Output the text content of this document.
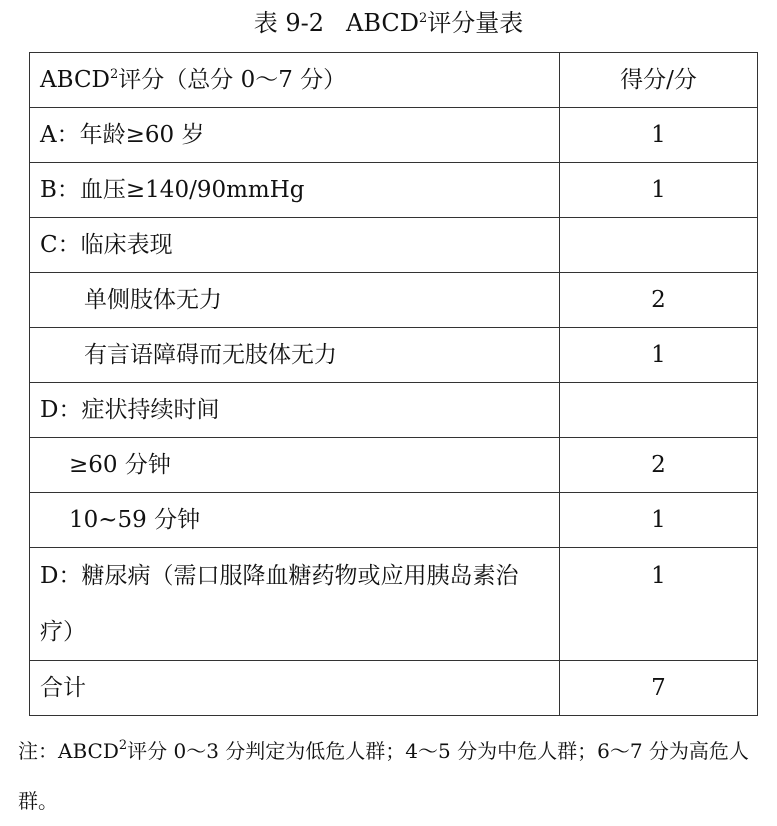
表 9-2 ABCD$^2$评分量表
ABCD$^2$评分（总分 0～7 分）	得分/分
A：年龄≥60 岁	1
B：血压≥140/90mmHg	1
C：临床表现	
单侧肢体无力	2
有言语障碍而无肢体无力	1
D：症状持续时间	
≥60 分钟	2
10~59 分钟	1
D：糖尿病（需口服降血糖药物或应用胰岛素治疗）	1
合计	7
注：ABCD$^2$评分 0～3 分判定为低危人群；4～5 分为中危人群；6～7 分为高危人群。
